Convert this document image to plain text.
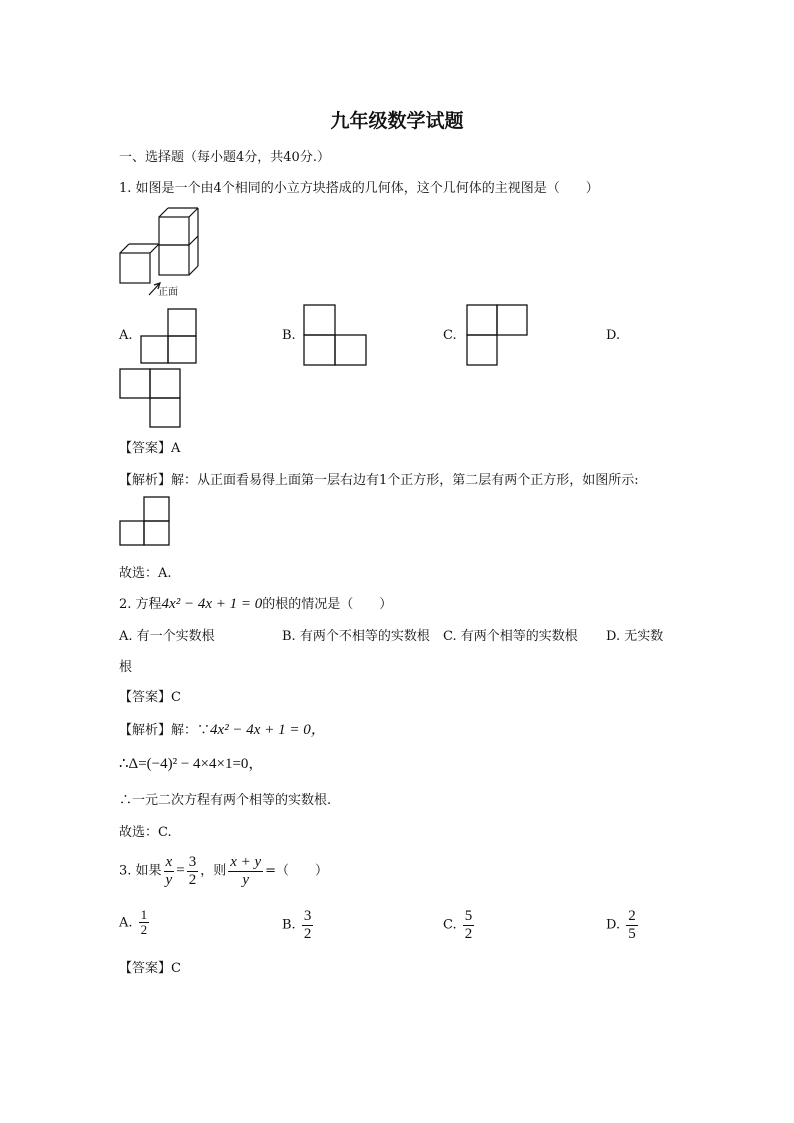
九年级数学试题
一、选择题（每小题4分，共40分.）
1. 如图是一个由4个相同的小立方块搭成的几何体，这个几何体的主视图是（　　）
正面
A.	B.	C.	D.
【答案】A
【解析】解：从正面看易得上面第一层右边有1个正方形，第二层有两个正方形，如图所示:
故选：A.
2. 方程4x² − 4x + 1 = 0的根的情况是（　　）
A. 有一个实数根	B. 有两个不相等的实数根 C. 有两个相等的实数根 D. 无实数
根
【答案】C
【解析】解：∵4x² − 4x + 1 = 0，
∴Δ=(−4)² − 4×4×1=0，
∴一元二次方程有两个相等的实数根.
故选：C.
3. 如果 $\frac{x}{y} = \frac{3}{2}$ ，则 $\frac{x + y}{y}$ =（　　）
A. $\frac{1}{2}$	B. $\frac{3}{2}$	C. $\frac{5}{2}$	D. $\frac{2}{5}$
【答案】C
